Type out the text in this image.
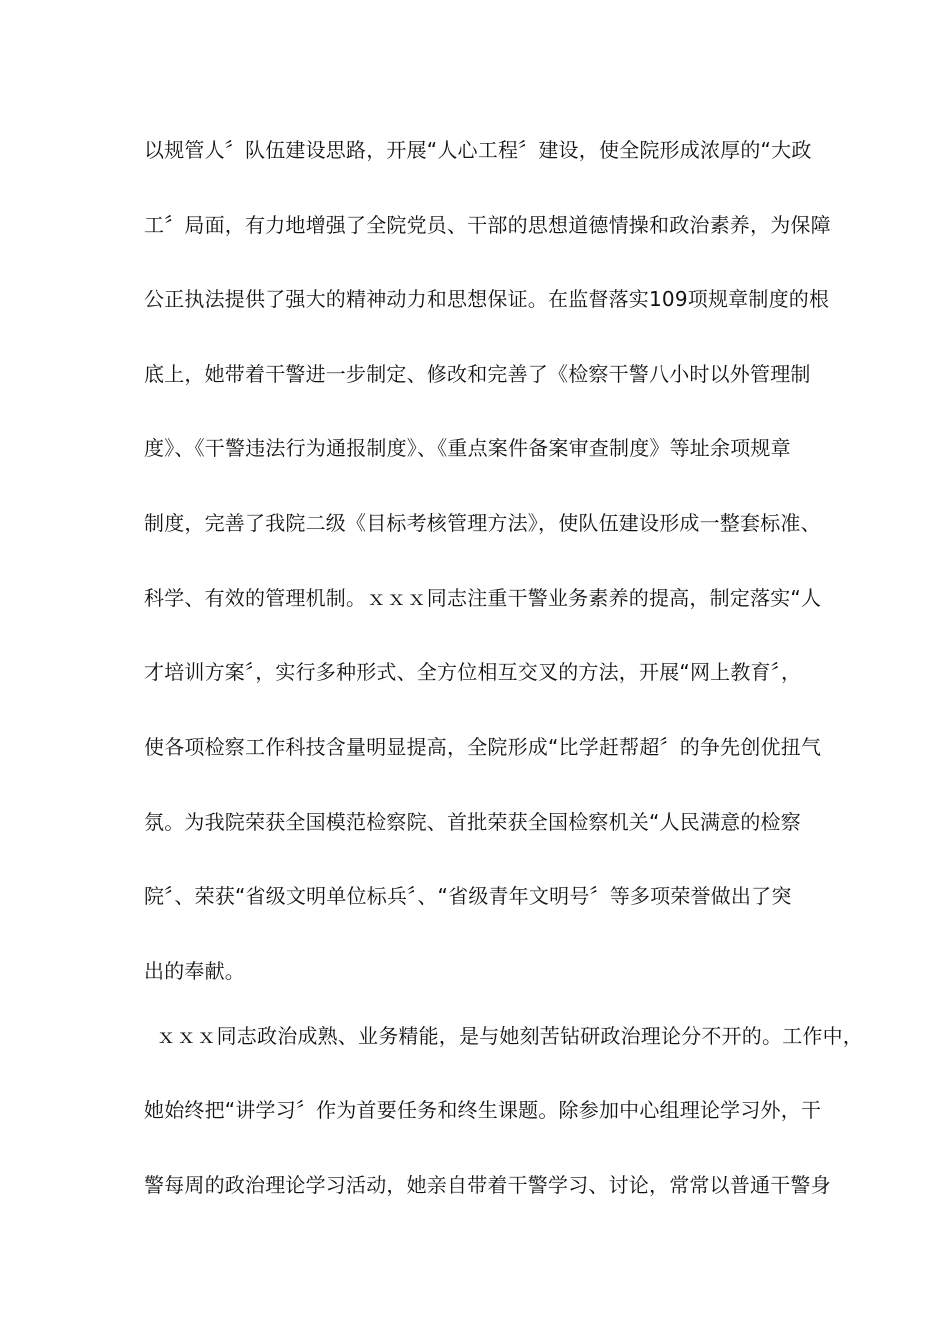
以规管人〞队伍建设思路，开展“人心工程〞建设，使全院形成浓厚的“大政
工〞局面，有力地增强了全院党员、干部的思想道德情操和政治素养，为保障
公正执法提供了强大的精神动力和思想保证。在监督落实109项规章制度的根
底上，她带着干警进一步制定、修改和完善了《检察干警八小时以外管理制
度》、《干警违法行为通报制度》、《重点案件备案审查制度》等址余项规章
制度，完善了我院二级《目标考核管理方法》，使队伍建设形成一整套标准、
科学、有效的管理机制。ｘｘｘ同志注重干警业务素养的提高，制定落实“人
才培训方案〞，实行多种形式、全方位相互交叉的方法，开展“网上教育〞，
使各项检察工作科技含量明显提高，全院形成“比学赶帮超〞的争先创优扭气
氛。为我院荣获全国模范检察院、首批荣获全国检察机关“人民满意的检察
院〞、荣获“省级文明单位标兵〞、“省级青年文明号〞等多项荣誉做出了突
出的奉献。
ｘｘｘ同志政治成熟、业务精能，是与她刻苦钻研政治理论分不开的。工作中，
她始终把“讲学习〞作为首要任务和终生课题。除参加中心组理论学习外，干
警每周的政治理论学习活动，她亲自带着干警学习、讨论，常常以普通干警身
